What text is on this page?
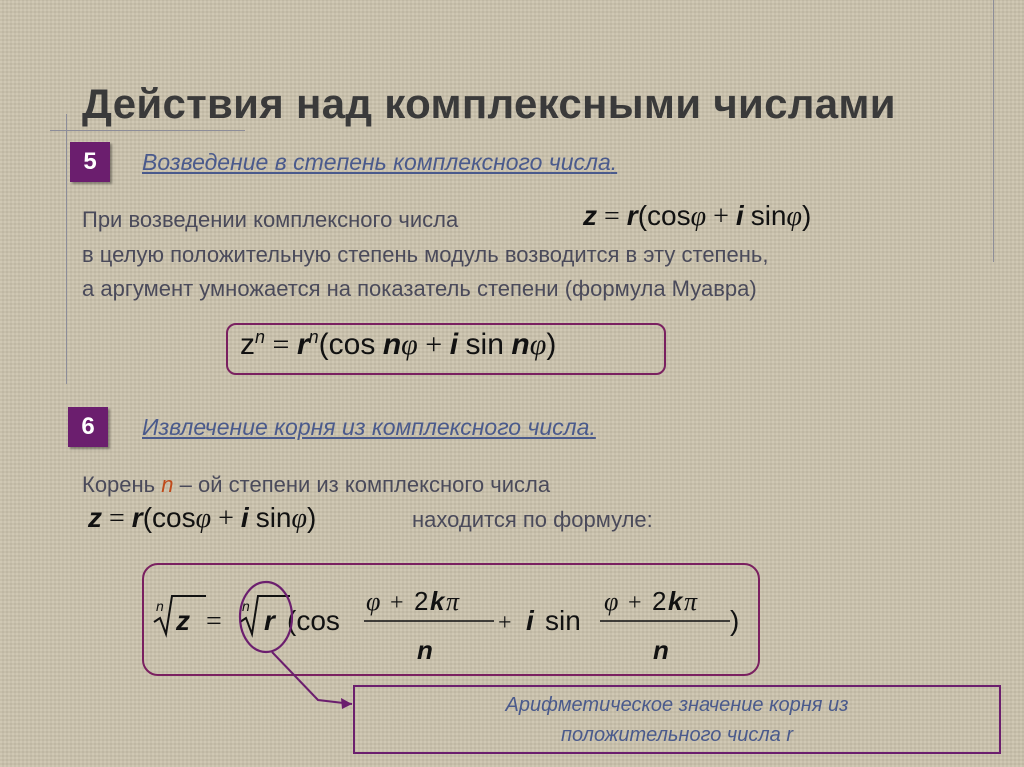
Действия над комплексными числами
5	Возведение в степень комплексного числа.
При возведении комплексного числа	z = r(cosφ + i sinφ)
в целую положительную степень модуль возводится в эту степень,
а аргумент умножается на показатель степени (формула Муавра)
$z^n = r^n(\cos$ nφ + i sin nφ)
6	Извлечение корня из комплексного числа.
Корень n – ой степени из комплексного числа
z = r(cosφ + i sinφ)	находится по формуле:
n z = n r (cos
φ + 2 k π
n
+ i sin
φ + 2 k π
n
)
Арифметическое значение корня из
положительного числа r
